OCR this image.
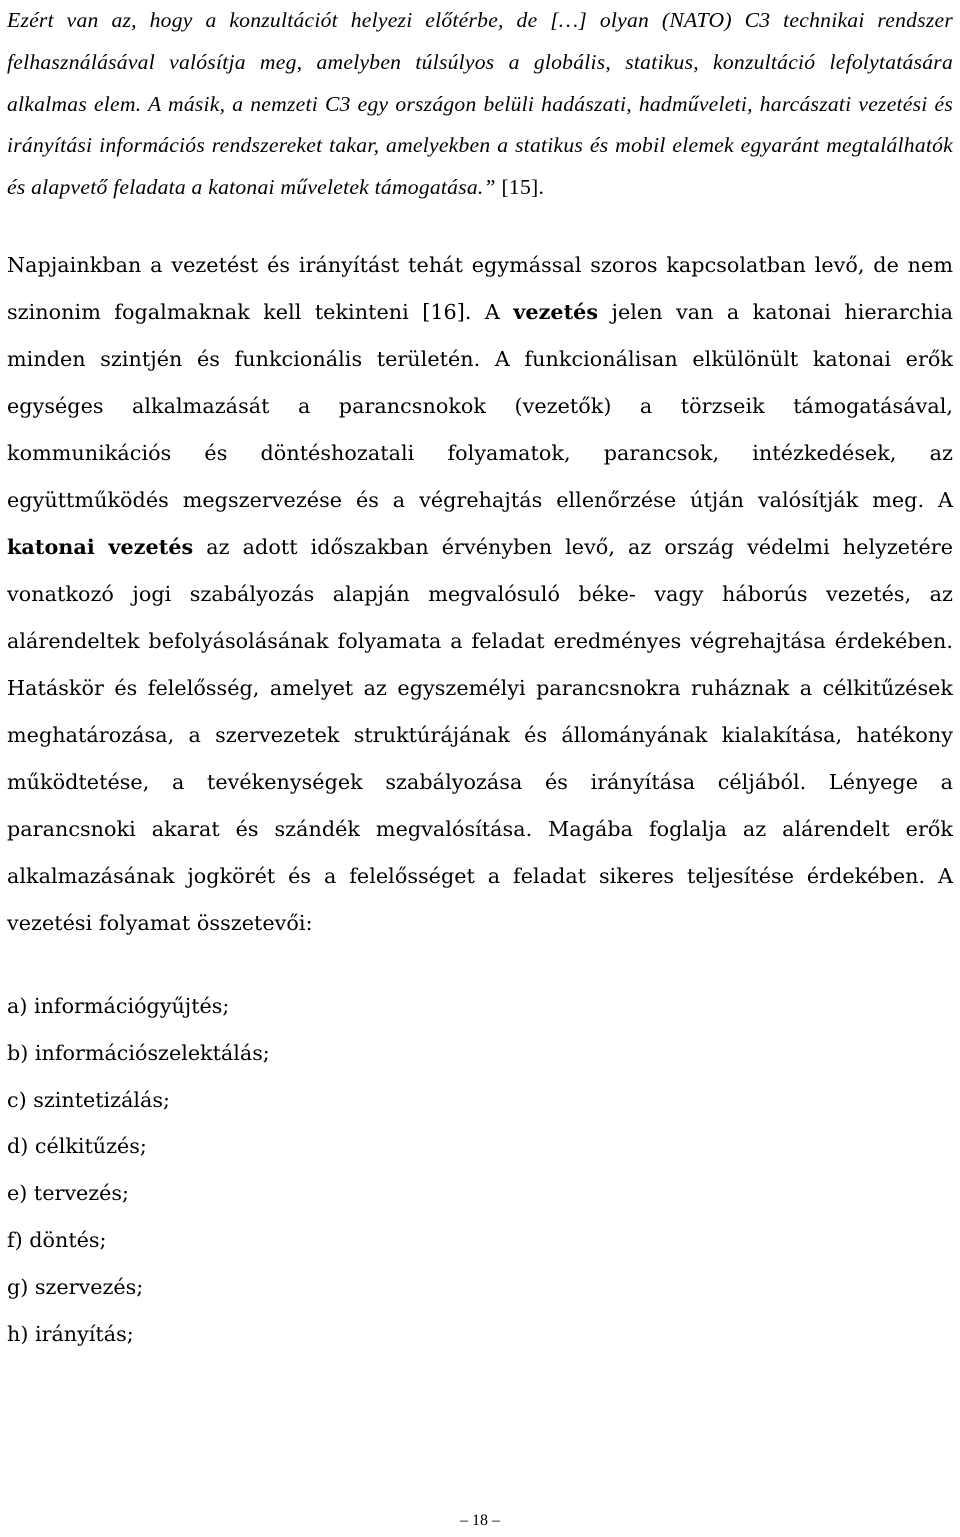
Ezért van az, hogy a konzultációt helyezi előtérbe, de […] olyan (NATO) C3 technikai rendszer felhasználásával valósítja meg, amelyben túlsúlyos a globális, statikus, konzultáció lefolytatására alkalmas elem. A másik, a nemzeti C3 egy országon belüli hadászati, hadműveleti, harcászati vezetési és irányítási információs rendszereket takar, amelyekben a statikus és mobil elemek egyaránt megtalálhatók és alapvető feladata a katonai műveletek támogatása.” [15].

Napjainkban a vezetést és irányítást tehát egymással szoros kapcsolatban levő, de nem szinonim fogalmaknak kell tekinteni [16]. A vezetés jelen van a katonai hierarchia minden szintjén és funkcionális területén. A funkcionálisan elkülönült katonai erők egységes alkalmazását a parancsnokok (vezetők) a törzseik támogatásával, kommunikációs és döntéshozatali folyamatok, parancsok, intézkedések, az együttműködés megszervezése és a végrehajtás ellenőrzése útján valósítják meg. A katonai vezetés az adott időszakban érvényben levő, az ország védelmi helyzetére vonatkozó jogi szabályozás alapján megvalósuló béke- vagy háborús vezetés, az alárendeltek befolyásolásának folyamata a feladat eredményes végrehajtása érdekében. Hatáskör és felelősség, amelyet az egyszemélyi parancsnokra ruháznak a célkitűzések meghatározása, a szervezetek struktúrájának és állományának kialakítása, hatékony működtetése, a tevékenységek szabályozása és irányítása céljából. Lényege a parancsnoki akarat és szándék megvalósítása. Magába foglalja az alárendelt erők alkalmazásának jogkörét és a felelősséget a feladat sikeres teljesítése érdekében. A vezetési folyamat összetevői:

a) információgyűjtés;
b) információszelektálás;
c) szintetizálás;
d) célkitűzés;
e) tervezés;
f) döntés;
g) szervezés;
h) irányítás;
– 18 –
